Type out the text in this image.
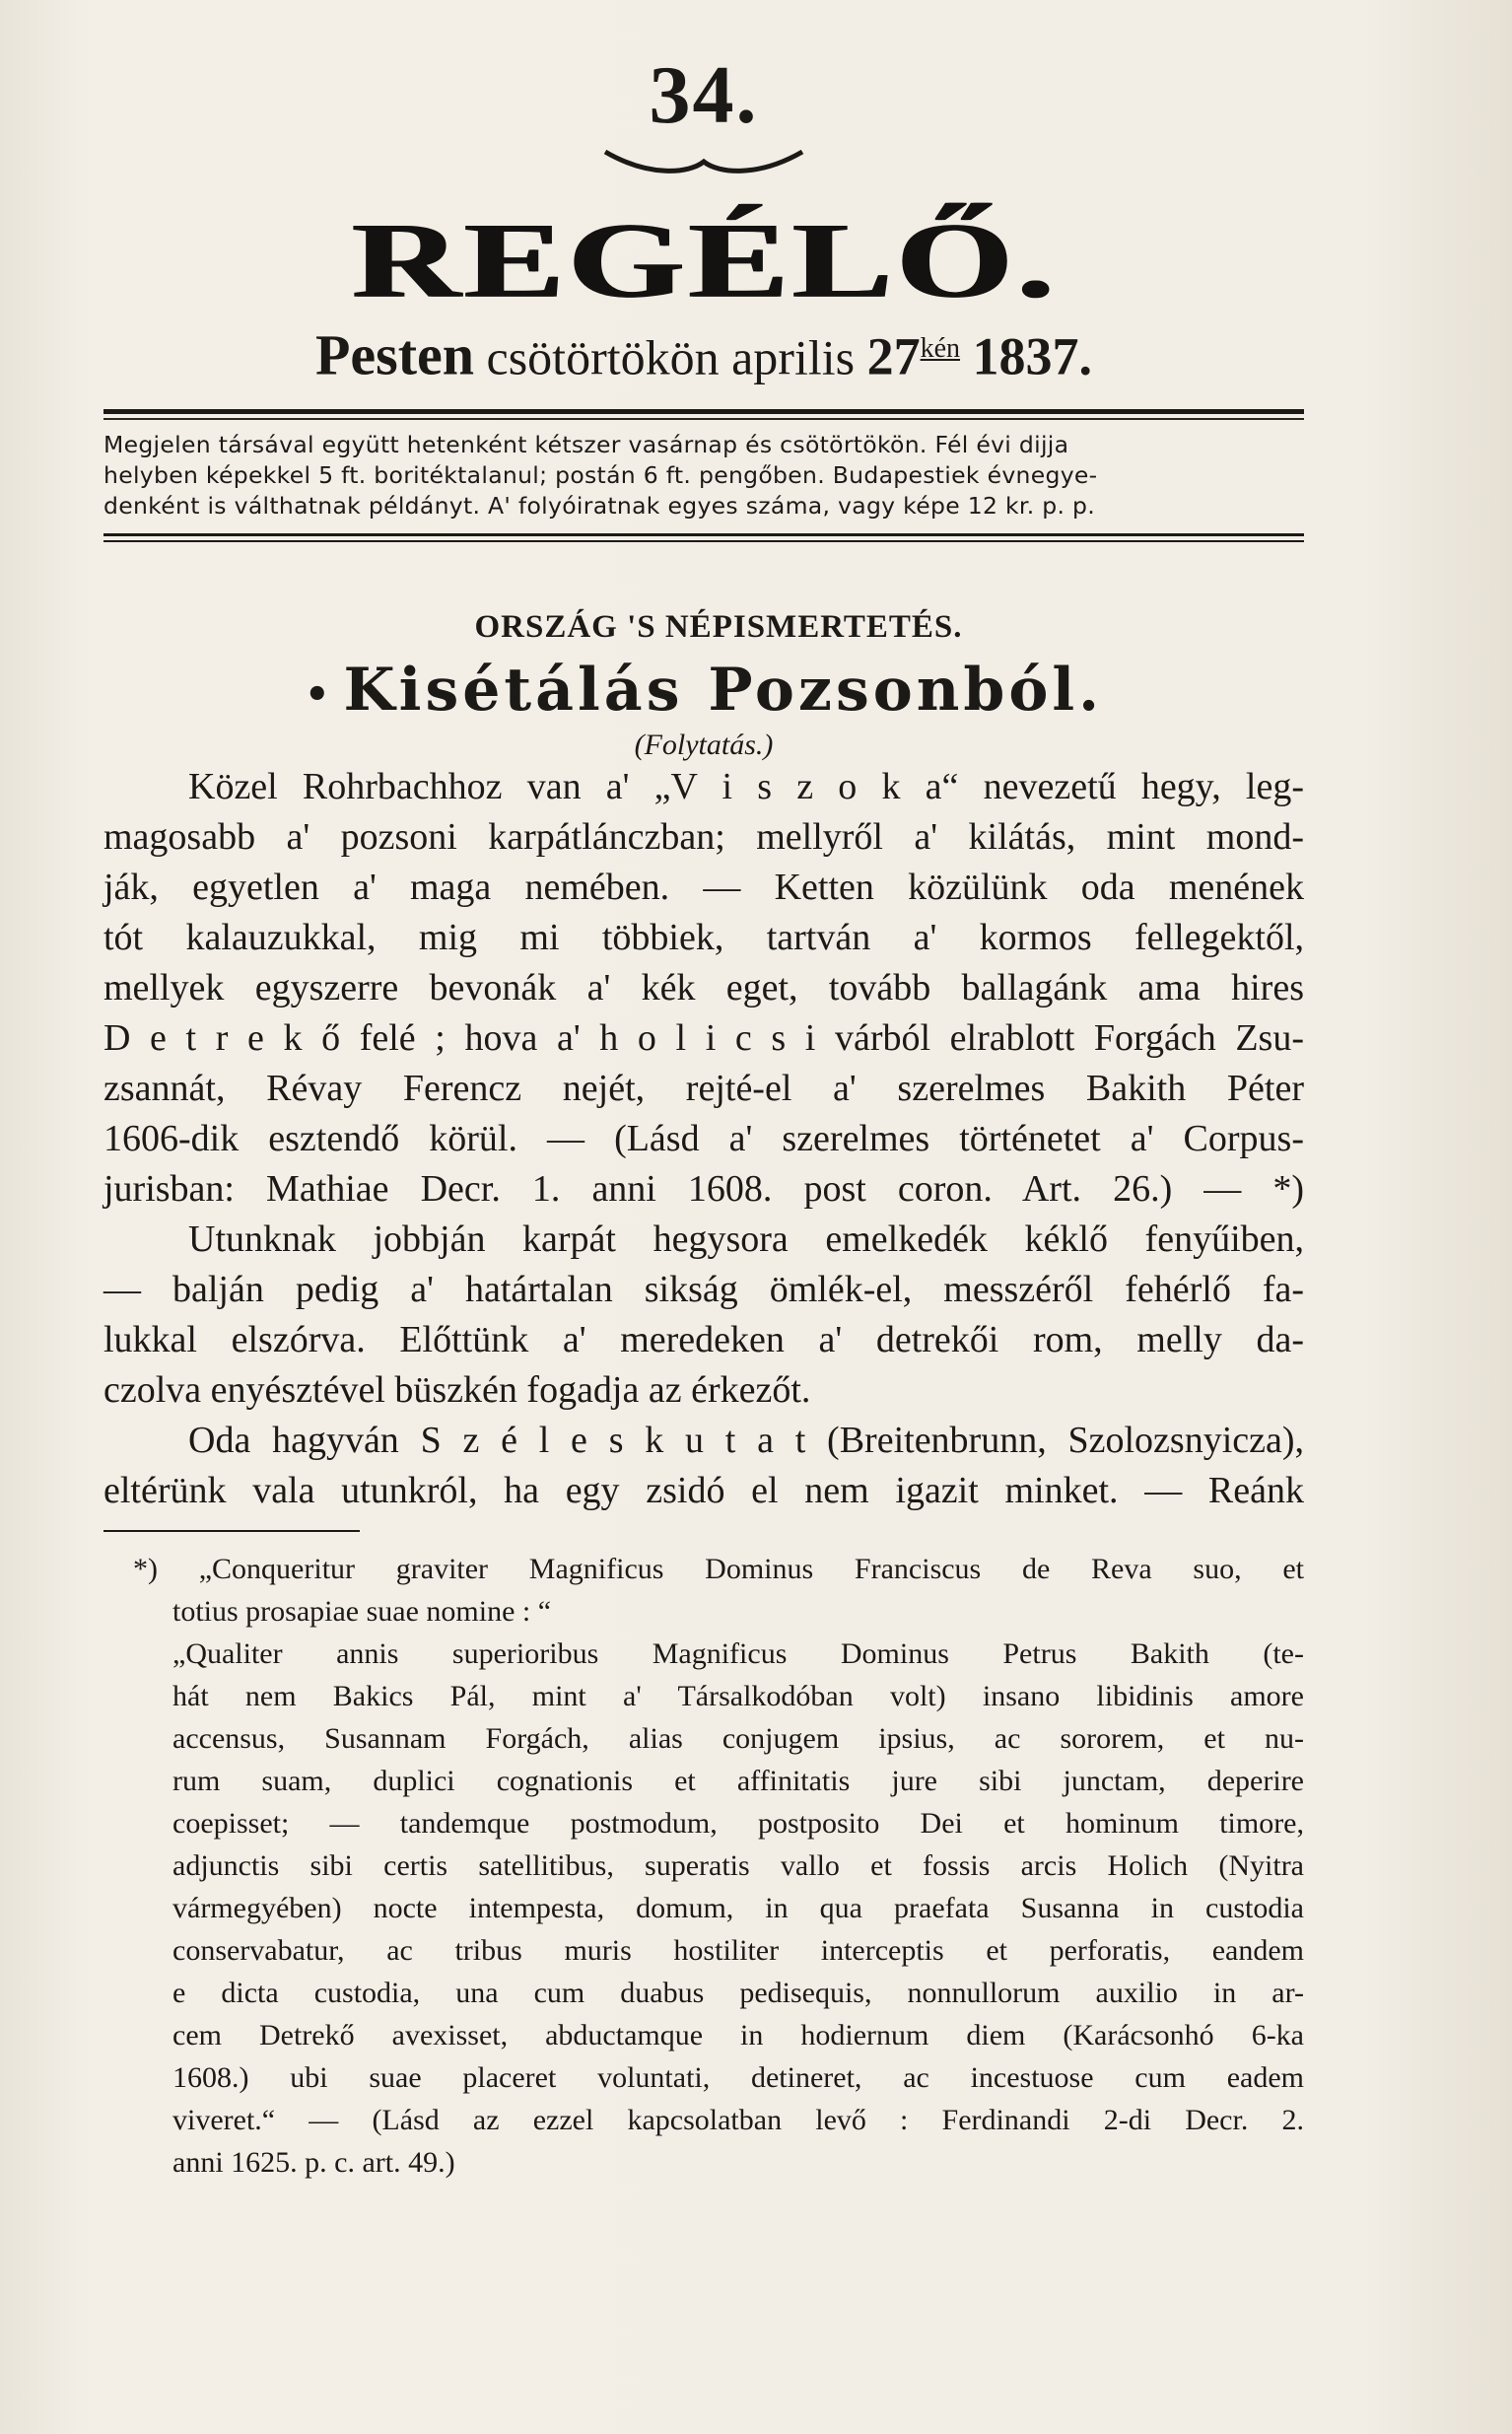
34.
REGÉLŐ.
Pesten csötörtökön aprilis $27^{kén}$ 1837.
Megjelen társával együtt hetenként kétszer vasárnap és csötörtökön. Fél évi dijja
helyben képekkel 5 ft. boritéktalanul; postán 6 ft. pengőben. Budapestiek évnegye-
denként is válthatnak példányt. A' folyóiratnak egyes száma, vagy képe 12 kr. p. p.
ORSZÁG 'S NÉPISMERTETÉS.
• Kisétálás Pozsonból.
(Folytatás.)
Közel Rohrbachhoz van a' „V i s z o k a“ nevezetű hegy, leg-
magosabb a' pozsoni karpátlánczban; mellyről a' kilátás, mint mond-
ják, egyetlen a' maga nemében. — Ketten közülünk oda menének
tót kalauzukkal, mig mi többiek, tartván a' kormos fellegektől,
mellyek egyszerre bevonák a' kék eget, tovább ballagánk ama hires
D e t r e k ő felé ; hova a' h o l i c s i várból elrablott Forgách Zsu-
zsannát, Révay Ferencz nejét, rejté-el a' szerelmes Bakith Péter
1606-dik esztendő körül. — (Lásd a' szerelmes történetet a' Corpus-
jurisban: Mathiae Decr. 1. anni 1608. post coron. Art. 26.) — *)
Utunknak jobbján karpát hegysora emelkedék kéklő fenyűiben,
— balján pedig a' határtalan sikság ömlék-el, messzéről fehérlő fa-
lukkal elszórva. Előttünk a' meredeken a' detrekői rom, melly da-
czolva enyésztével büszkén fogadja az érkezőt.
Oda hagyván S z é l e s k u t a t (Breitenbrunn, Szolozsnyicza),
eltérünk vala utunkról, ha egy zsidó el nem igazit minket. — Reánk
*) „Conqueritur graviter Magnificus Dominus Franciscus de Reva suo, et
totius prosapiae suae nomine : “
„Qualiter annis superioribus Magnificus Dominus Petrus Bakith (te-
hát nem Bakics Pál, mint a' Társalkodóban volt) insano libidinis amore
accensus, Susannam Forgách, alias conjugem ipsius, ac sororem, et nu-
rum suam, duplici cognationis et affinitatis jure sibi junctam, deperire
coepisset; — tandemque postmodum, postposito Dei et hominum timore,
adjunctis sibi certis satellitibus, superatis vallo et fossis arcis Holich (Nyitra
vármegyében) nocte intempesta, domum, in qua praefata Susanna in custodia
conservabatur, ac tribus muris hostiliter interceptis et perforatis, eandem
e dicta custodia, una cum duabus pedisequis, nonnullorum auxilio in ar-
cem Detrekő avexisset, abductamque in hodiernum diem (Karácsonhó 6-ka
1608.) ubi suae placeret voluntati, detineret, ac incestuose cum eadem
viveret.“ — (Lásd az ezzel kapcsolatban levő : Ferdinandi 2-di Decr. 2.
anni 1625. p. c. art. 49.)
